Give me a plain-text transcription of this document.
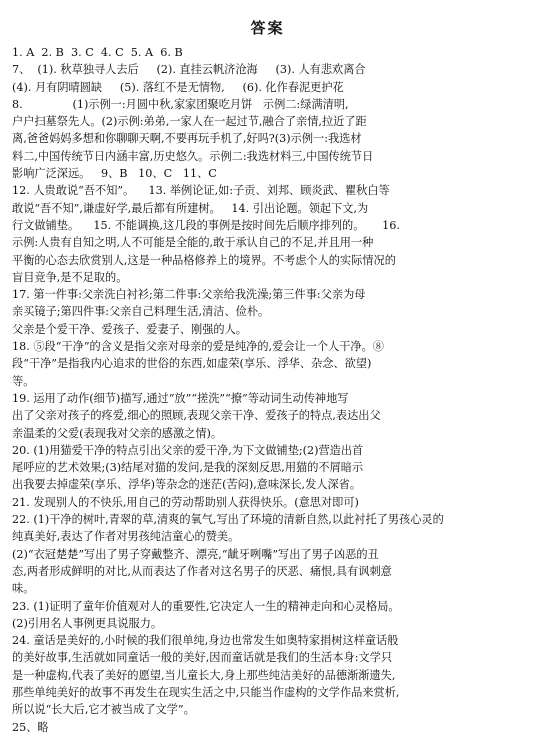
答案
1. A  2. B  3. C  4. C  5. A  6. B
7、  (1). 秋草独寻人去后     (2). 直挂云帆济沧海     (3). 人有悲欢离合
(4). 月有阴晴圆缺     (5). 落红不是无情物,     (6). 化作春泥更护花
8.              (1)示例一:月圆中秋,家家团聚吃月饼   示例二:绿满清明,
户户扫墓祭先人。(2)示例:弟弟,一家人在一起过节,融合了亲情,拉近了距
离,爸爸妈妈多想和你聊聊天啊,不要再玩手机了,好吗?(3)示例一:我选材
料二,中国传统节日内涵丰富,历史悠久。示例二:我选材料三,中国传统节日
影响广泛深远。   9、B   10、C   11、C
12. 人贵敢说“吾不知”。    13. 举例论证,如:子贡、刘邦、顾炎武、瞿秋白等
敢说“吾不知”,谦虚好学,最后都有所建树。   14. 引出论题。领起下文,为
行文做铺垫。    15. 不能调换,这几段的事例是按时间先后顺序排列的。     16.
示例:人贵有自知之明,人不可能是全能的,敢于承认自己的不足,并且用一种
平衡的心态去欣赏别人,这是一种品格修养上的境界。不考虑个人的实际情况的
盲目竞争,是不足取的。
17. 第一件事:父亲洗白衬衫;第二件事:父亲给我洗澡;第三件事:父亲为母
亲买镜子;第四件事:父亲自己料理生活,清洁、俭朴。
父亲是个爱干净、爱孩子、爱妻子、刚强的人。
18. ⑤段“干净”的含义是指父亲对母亲的爱是纯净的,爱会让一个人干净。⑧
段“干净”是指我内心追求的世俗的东西,如虚荣(享乐、浮华、杂念、欲望)
等。
19. 运用了动作(细节)描写,通过“放”“搓洗”“撩”等动词生动传神地写
出了父亲对孩子的疼爱,细心的照顾,表现父亲干净、爱孩子的特点,表达出父
亲温柔的父爱(表现我对父亲的感激之情)。
20. (1)用猫爱干净的特点引出父亲的爱干净,为下文做铺垫;(2)营造出首
尾呼应的艺术效果;(3)结尾对猫的发问,是我的深刻反思,用猫的不屑暗示
出我要去掉虚荣(享乐、浮华)等杂念的迷茫(苦闷),意味深长,发人深省。
21. 发现别人的不快乐,用自己的劳动帮助别人获得快乐。(意思对即可)
22. (1)干净的树叶,青翠的草,清爽的氧气,写出了环境的清新自然,以此衬托了男孩心灵的
纯真美好,表达了作者对男孩纯洁童心的赞美。
(2)“衣冠楚楚”写出了男子穿戴整齐、漂亮,“龇牙咧嘴”写出了男子凶恶的丑
态,两者形成鲜明的对比,从而表达了作者对这名男子的厌恶、痛恨,具有讽刺意
味。
23. (1)证明了童年价值观对人的重要性,它决定人一生的精神走向和心灵格局。
(2)引用名人事例更具说服力。
24. 童话是美好的,小时候的我们很单纯,身边也常发生如奥特家捐树这样童话般
的美好故事,生活就如同童话一般的美好,因而童话就是我们的生活本身:文学只
是一种虚构,代表了美好的愿望,当儿童长大,身上那些纯洁美好的品德渐渐遗失,
那些单纯美好的故事不再发生在现实生活之中,只能当作虚构的文学作品来赏析,
所以说“长大后,它才被当成了文学”。
25、略
